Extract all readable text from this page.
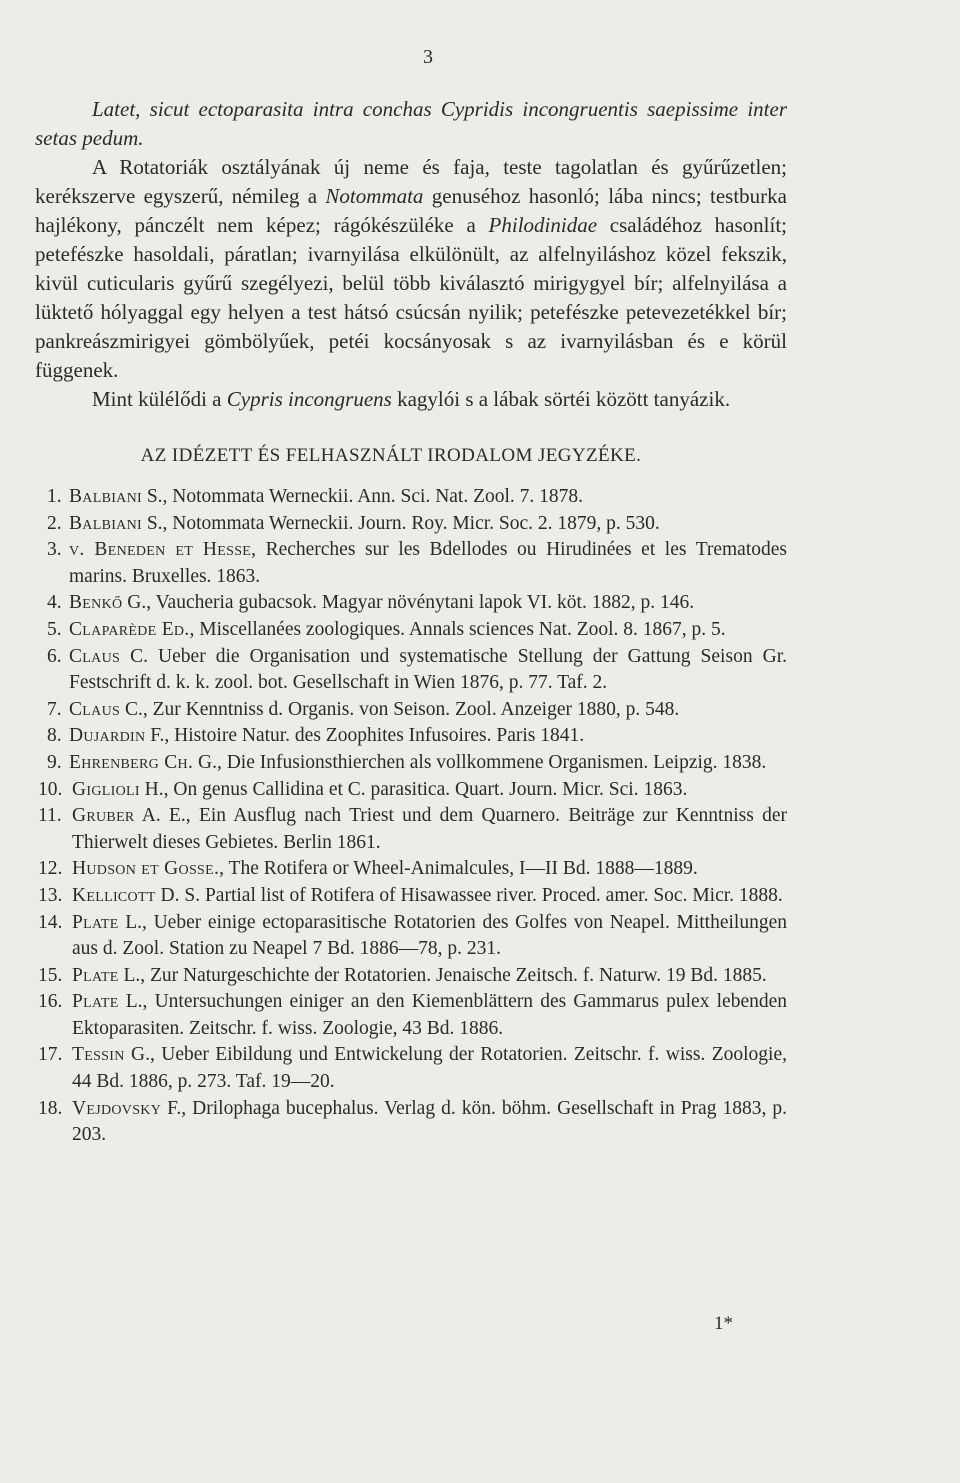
3

Latet, sicut ectoparasita intra conchas Cypridis incongruentis saepissime inter setas pedum.

A Rotatoriák osztályának új neme és faja, teste tagolatlan és gyűrűzetlen; kerékszerve egyszerű, némileg a Notommata genuséhoz hasonló; lába nincs; testburka hajlékony, pánczélt nem képez; rágókészüléke a Philodinidae családéhoz hasonlít; petefészke hasoldali, páratlan; ivarnyilása elkülönült, az alfelnyiláshoz közel fekszik, kivül cuticularis gyűrű szegélyezi, belül több kiválasztó mirigygyel bír; alfelnyilása a lüktető hólyaggal egy helyen a test hátsó csúcsán nyilik; petefészke petevezetékkel bír; pankreászmirigyei gömbölyűek, petéi kocsányosak s az ivarnyilásban és e körül függenek.

Mint külélődi a Cypris incongruens kagylói s a lábak sörtéi között tanyázik.

AZ IDÉZETT ÉS FELHASZNÁLT IRODALOM JEGYZÉKE.

1. Balbiani S., Notommata Werneckii. Ann. Sci. Nat. Zool. 7. 1878.
2. Balbiani S., Notommata Werneckii. Journ. Roy. Micr. Soc. 2. 1879, p. 530.
3. v. Beneden et Hesse, Recherches sur les Bdellodes ou Hirudinées et les Trematodes marins. Bruxelles. 1863.
4. Benkő G., Vaucheria gubacsok. Magyar növénytani lapok VI. köt. 1882, p. 146.
5. Claparède Ed., Miscellanées zoologiques. Annals sciences Nat. Zool. 8. 1867, p. 5.
6. Claus C. Ueber die Organisation und systematische Stellung der Gattung Seison Gr. Festschrift d. k. k. zool. bot. Gesellschaft in Wien 1876, p. 77. Taf. 2.
7. Claus C., Zur Kenntniss d. Organis. von Seison. Zool. Anzeiger 1880, p. 548.
8. Dujardin F., Histoire Natur. des Zoophites Infusoires. Paris 1841.
9. Ehrenberg Ch. G., Die Infusionsthierchen als vollkommene Organismen. Leipzig. 1838.
10. Giglioli H., On genus Callidina et C. parasitica. Quart. Journ. Micr. Sci. 1863.
11. Gruber A. E., Ein Ausflug nach Triest und dem Quarnero. Beiträge zur Kenntniss der Thierwelt dieses Gebietes. Berlin 1861.
12. Hudson et Gosse., The Rotifera or Wheel-Animalcules, I—II Bd. 1888—1889.
13. Kellicott D. S. Partial list of Rotifera of Hisawassee river. Proced. amer. Soc. Micr. 1888.
14. Plate L., Ueber einige ectoparasitische Rotatorien des Golfes von Neapel. Mittheilungen aus d. Zool. Station zu Neapel 7 Bd. 1886—78, p. 231.
15. Plate L., Zur Naturgeschichte der Rotatorien. Jenaische Zeitsch. f. Naturw. 19 Bd. 1885.
16. Plate L., Untersuchungen einiger an den Kiemenblättern des Gammarus pulex lebenden Ektoparasiten. Zeitschr. f. wiss. Zoologie, 43 Bd. 1886.
17. Tessin G., Ueber Eibildung und Entwickelung der Rotatorien. Zeitschr. f. wiss. Zoologie, 44 Bd. 1886, p. 273. Taf. 19—20.
18. Vejdovsky F., Drilophaga bucephalus. Verlag d. kön. böhm. Gesellschaft in Prag 1883, p. 203.
1*
